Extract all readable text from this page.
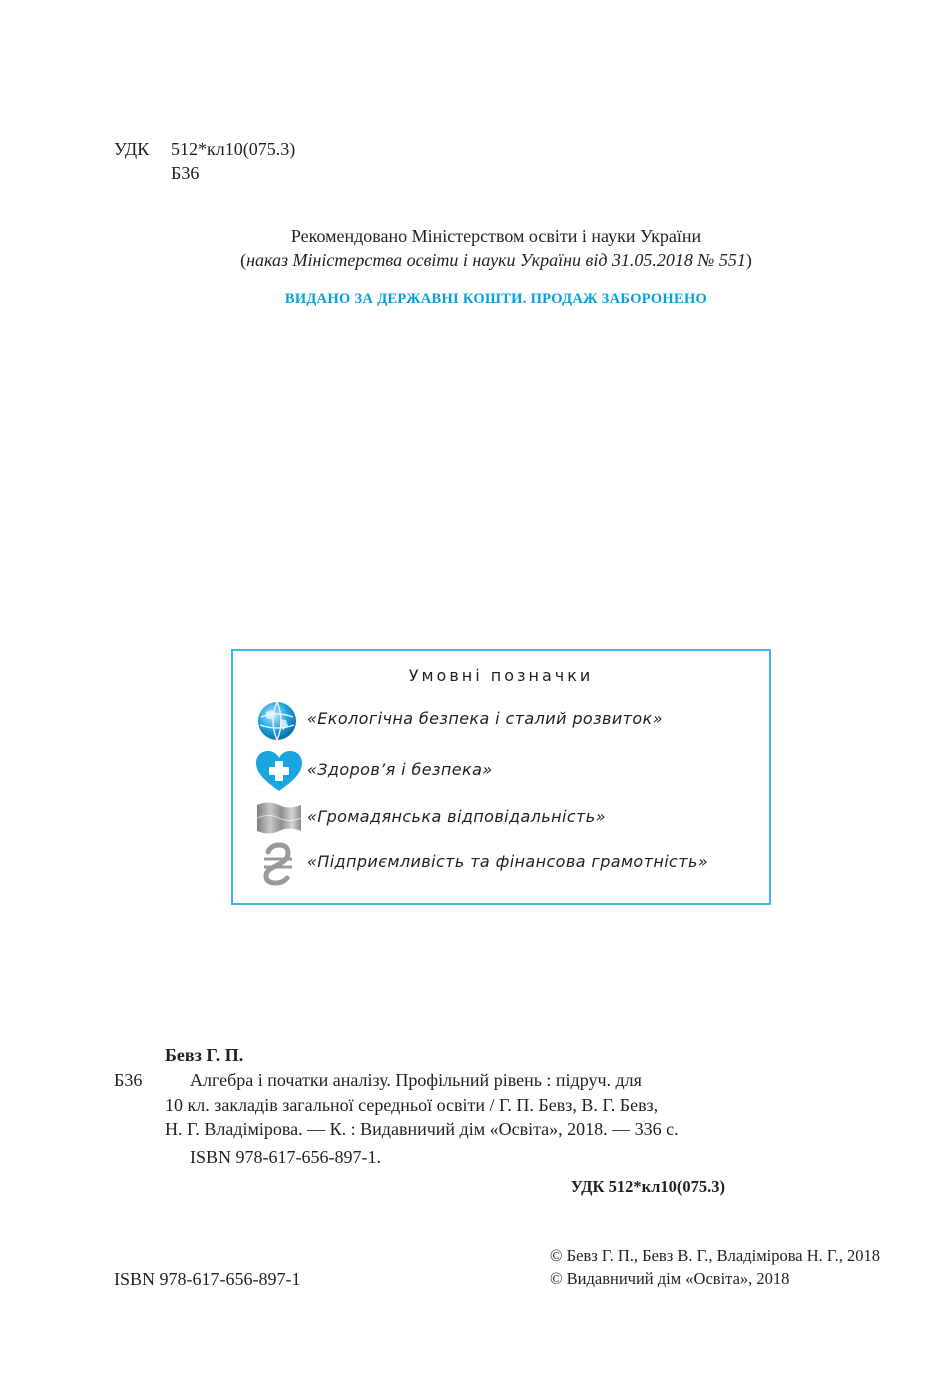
УДК 512*кл10(075.3)
Б36
Рекомендовано Міністерством освіти і науки України
(наказ Міністерства освіти і науки України від 31.05.2018 № 551)
ВИДАНО ЗА ДЕРЖАВНІ КОШТИ. ПРОДАЖ ЗАБОРОНЕНО
Умовні позначки
«Екологічна безпека і сталий розвиток»
«Здоров’я і безпека»
«Громадянська відповідальність»
«Підприємливість та фінансова грамотність»
Бевз Г. П.
Б36	Алгебра і початки аналізу. Профільний рівень : підруч. для
10 кл. закладів загальної середньої освіти / Г. П. Бевз, В. Г. Бевз,
Н. Г. Владімірова. — К. : Видавничий дім «Освіта», 2018. — 336 с.
ISBN 978-617-656-897-1.
УДК 512*кл10(075.3)
ISBN 978-617-656-897-1
© Бевз Г. П., Бевз В. Г., Владімірова Н. Г., 2018
© Видавничий дім «Освіта», 2018
